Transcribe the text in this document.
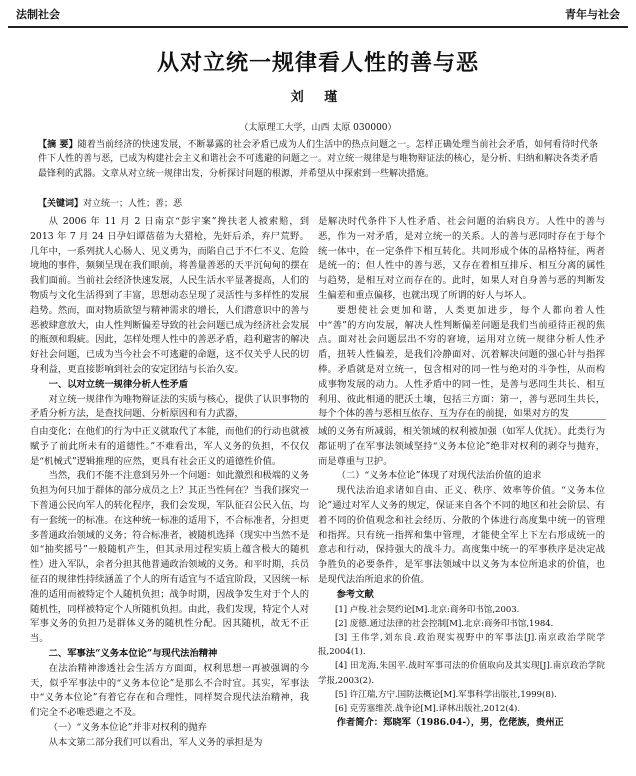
法制社会	青年与社会
从对立统一规律看人性的善与恶
刘 瑾
（太原理工大学，山西 太原 030000）
【摘 要】随着当前经济的快速发展，不断暴露的社会矛盾已成为人们生活中的热点问题之一。怎样正确处理当前社会矛盾，如何看待时代条件下人性的善与恶，已成为构建社会主义和谐社会不可逃避的问题之一。对立统一规律是与唯物辩证法的核心，是分析、归纳和解决各类矛盾最锋利的武器。文章从对立统一规律出发，分析探讨问题的根源，并希望从中探索到一些解决措施。
【关键词】对立统一；人性；善；恶

从 2006 年 11 月 2 日南京“彭宇案”搀扶老人被索赔，到 2013 年 7 月 24 日孕妇谭蓓蓓为大猎枪，先奸后杀，弃尸荒野。几年中，一系列扰人心肠人、见义勇为，而陷自己于不仁不义、危险境地的事件，频频呈现在我们眼前，将善量善恶的天平沉甸甸的摆在我们面前。当前社会经济快速发展，人民生活水平显著提高，人们的物质与文化生活得到了丰富，思想动态呈现了灵活性与多样性的发展趋势。然而，面对物质欲望与精神需求的增长，人们潜意识中的善与恶被肆意放大，由人性判断偏差导致的社会问题已成为经济社会发展的瓶颈和瑕疵。因此，怎样处理人性中的善恶矛盾，趋利避害的解决好社会问题，已成为当今社会不可逃避的命题，这不仅关乎人民的切身利益，更直接影响到社会的安定团结与长治久安。

一、以对立统一规律分析人性矛盾

对立统一规律作为唯物辩证法的实质与核心，提供了认识事物的矛盾分析方法，是查找问题、分析原因和有力武器，

是解决时代条件下人性矛盾、社会问题的治病良方。人性中的善与恶，作为一对矛盾，是对立统一的关系。人的善与恶同时存在于每个统一体中，在一定条件下相互转化。共同形成个体的品格特征，两者是统一的；但人性中的善与恶，又存在着相互排斥、相互分离的属性与趋势，是相互对立而存在的。此时，如果人对自身善与恶的判断发生偏差和重点偏移，也就出现了所谓的好人与坏人。

要想使社会更加和谐，人类更加进步，每个人都向着人性中“善”的方向发展，解决人性判断偏差问题是我们当前亟待正视的焦点。面对社会问题层出不穷的窘境，运用对立统一规律分析人性矛盾，扭转人性偏差，是我们冷静面对、沉着解决问题的强心针与指挥棒。矛盾就是对立统一，包含相对的同一性与绝对的斗争性，从而构成事物发展的动力。人性矛盾中的同一性，是善与恶同生共长、相互利用、彼此相通的肥沃土壤，包括三方面：第一，善与恶同生共长，每个个体的善与恶相互依存、互为存在的前提，如果对方的发

自由变化；在他们的行为中正义就取代了本能，而他们的行动也就被赋予了前此所未有的道德性。”不难看出，军人义务的负担，不仅仅是“机械式”逻辑推理的应然，更具有社会正义的道德性价值。

当然，我们不能不注意到另外一个问题：如此激烈和极端的义务负担为何只加于群体的部分成员之上？其正当性何在？当我们探究一下普通公民向军人的转化程序，我们会发现，军队征召公民入伍，均有一套统一的标准。在这种统一标准的适用下，不合标准者，分担更多普通政治领域的义务；符合标准者，被随机选择（现实中当然不是如“抽奖摇号”一般随机产生，但其录用过程实质上蕴含极大的随机性）进入军队，余者分担其他普通政治领域的义务。和平时期，兵员征召的规律性持续涵盖了个人的所有适宜与不适宜阶段，又因统一标准的适用而被特定个人随机负担；战争时期，因战争发生对于个人的随机性，同样被特定个人所随机负担。由此，我们发现，特定个人对军事义务的负担乃是群体义务的随机性分配。因其随机，故无不正当。

二、军事法“义务本位论”与现代法治精神

在法治精神渗透社会生活方方面面，权利思想一再被强调的今天，似乎军事法中的“义务本位论”是那么不合时宜。其实，军事法中“义务本位论”有着它存在和合理性，同样契合现代法治精神，我们完全不必唯恐避之不及。

（一）“义务本位论”并非对权利的抛弃

从本文第二部分我们可以看出，军人义务的承担是为

域的义务有所减弱，相关领域的权利被加强（如军人优抚）。此类行为都证明了在军事法领域坚持“义务本位论”绝非对权利的剥夺与抛弃，而是尊重与卫护。

（二）“义务本位论”体现了对现代法治价值的追求

现代法治追求诸如自由、正义、秩序、效率等价值。“义务本位论”通过对军人义务的规定，保证来自各个不同的地区和社会阶层、有着不同的价值观念和社会经历、分散的个体进行高度集中统一的管理和指挥。只有统一指挥和集中管理，才能使全军上下左右形成统一的意志和行动，保持强大的战斗力。高度集中统一的军事秩序是决定战争胜负的必要条件，是军事法领域中以义务为本位所追求的价值，也是现代法治所追求的价值。

参考文献

[1] 卢梭.社会契约论[M].北京:商务印书馆,2003.

[2] 庞德.通过法律的社会控制[M].北京:商务印书馆,1984.

[3] 王伟学,刘东良.政治现实视野中的军事法[J].南京政治学院学报,2004(1).

[4] 田龙海,朱国平.战时军事司法的价值取向及其实现[J].南京政治学院学报,2003(2).

[5] 许江瑞,方宁.国防法概论[M].军事科学出版社,1999(8).

[6] 克劳塞维茨.战争论[M].译林出版社,2012(4).

作者简介：郑晓军（1986.04-），男，仡佬族，贵州正
